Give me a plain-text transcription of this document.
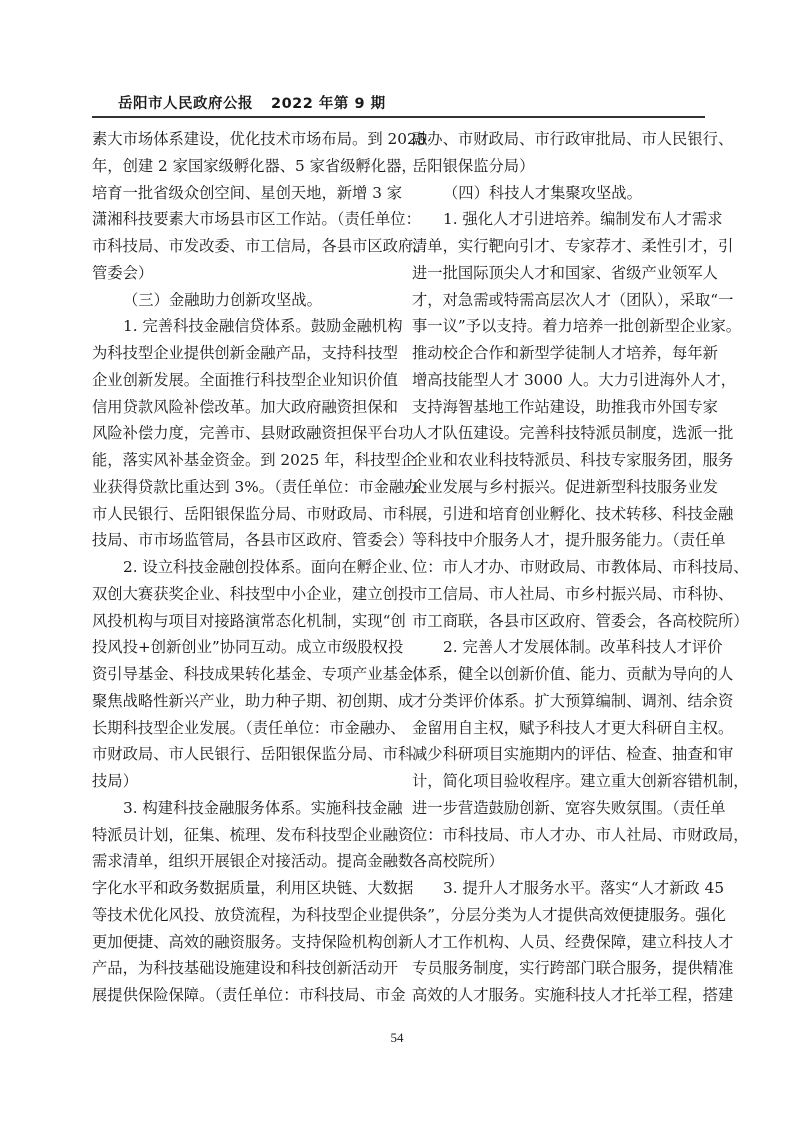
岳阳市人民政府公报 2022 年第 9 期
素大市场体系建设，优化技术市场布局。到 2025
年，创建 2 家国家级孵化器、5 家省级孵化器，
培育一批省级众创空间、星创天地，新增 3 家
潇湘科技要素大市场县市区工作站。（责任单位：
市科技局、市发改委、市工信局，各县市区政府、
管委会）
（三）金融助力创新攻坚战。
1. 完善科技金融信贷体系。鼓励金融机构
为科技型企业提供创新金融产品，支持科技型
企业创新发展。全面推行科技型企业知识价值
信用贷款风险补偿改革。加大政府融资担保和
风险补偿力度，完善市、县财政融资担保平台功
能，落实风补基金资金。到 2025 年，科技型企
业获得贷款比重达到 3%。（责任单位：市金融办、
市人民银行、岳阳银保监分局、市财政局、市科
技局、市市场监管局，各县市区政府、管委会）
2. 设立科技金融创投体系。面向在孵企业、
双创大赛获奖企业、科技型中小企业，建立创投
风投机构与项目对接路演常态化机制，实现“创
投风投+创新创业”协同互动。成立市级股权投
资引导基金、科技成果转化基金、专项产业基金，
聚焦战略性新兴产业，助力种子期、初创期、成
长期科技型企业发展。（责任单位：市金融办、
市财政局、市人民银行、岳阳银保监分局、市科
技局）
3. 构建科技金融服务体系。实施科技金融
特派员计划，征集、梳理、发布科技型企业融资
需求清单，组织开展银企对接活动。提高金融数
字化水平和政务数据质量，利用区块链、大数据
等技术优化风投、放贷流程，为科技型企业提供
更加便捷、高效的融资服务。支持保险机构创新
产品，为科技基础设施建设和科技创新活动开
展提供保险保障。（责任单位：市科技局、市金
融办、市财政局、市行政审批局、市人民银行、
岳阳银保监分局）
（四）科技人才集聚攻坚战。
1. 强化人才引进培养。编制发布人才需求
清单，实行靶向引才、专家荐才、柔性引才，引
进一批国际顶尖人才和国家、省级产业领军人
才，对急需或特需高层次人才（团队），采取“一
事一议”予以支持。着力培养一批创新型企业家。
推动校企合作和新型学徒制人才培养，每年新
增高技能型人才 3000 人。大力引进海外人才，
支持海智基地工作站建设，助推我市外国专家
人才队伍建设。完善科技特派员制度，选派一批
企业和农业科技特派员、科技专家服务团，服务
企业发展与乡村振兴。促进新型科技服务业发
展，引进和培育创业孵化、技术转移、科技金融
等科技中介服务人才，提升服务能力。（责任单
位：市人才办、市财政局、市教体局、市科技局、
市工信局、市人社局、市乡村振兴局、市科协、
市工商联，各县市区政府、管委会，各高校院所）
2. 完善人才发展体制。改革科技人才评价
体系，健全以创新价值、能力、贡献为导向的人
才分类评价体系。扩大预算编制、调剂、结余资
金留用自主权，赋予科技人才更大科研自主权。
减少科研项目实施期内的评估、检查、抽查和审
计，简化项目验收程序。建立重大创新容错机制，
进一步营造鼓励创新、宽容失败氛围。（责任单
位：市科技局、市人才办、市人社局、市财政局，
各高校院所）
3. 提升人才服务水平。落实“人才新政 45
条”，分层分类为人才提供高效便捷服务。强化
人才工作机构、人员、经费保障，建立科技人才
专员服务制度，实行跨部门联合服务，提供精准
高效的人才服务。实施科技人才托举工程，搭建
54
